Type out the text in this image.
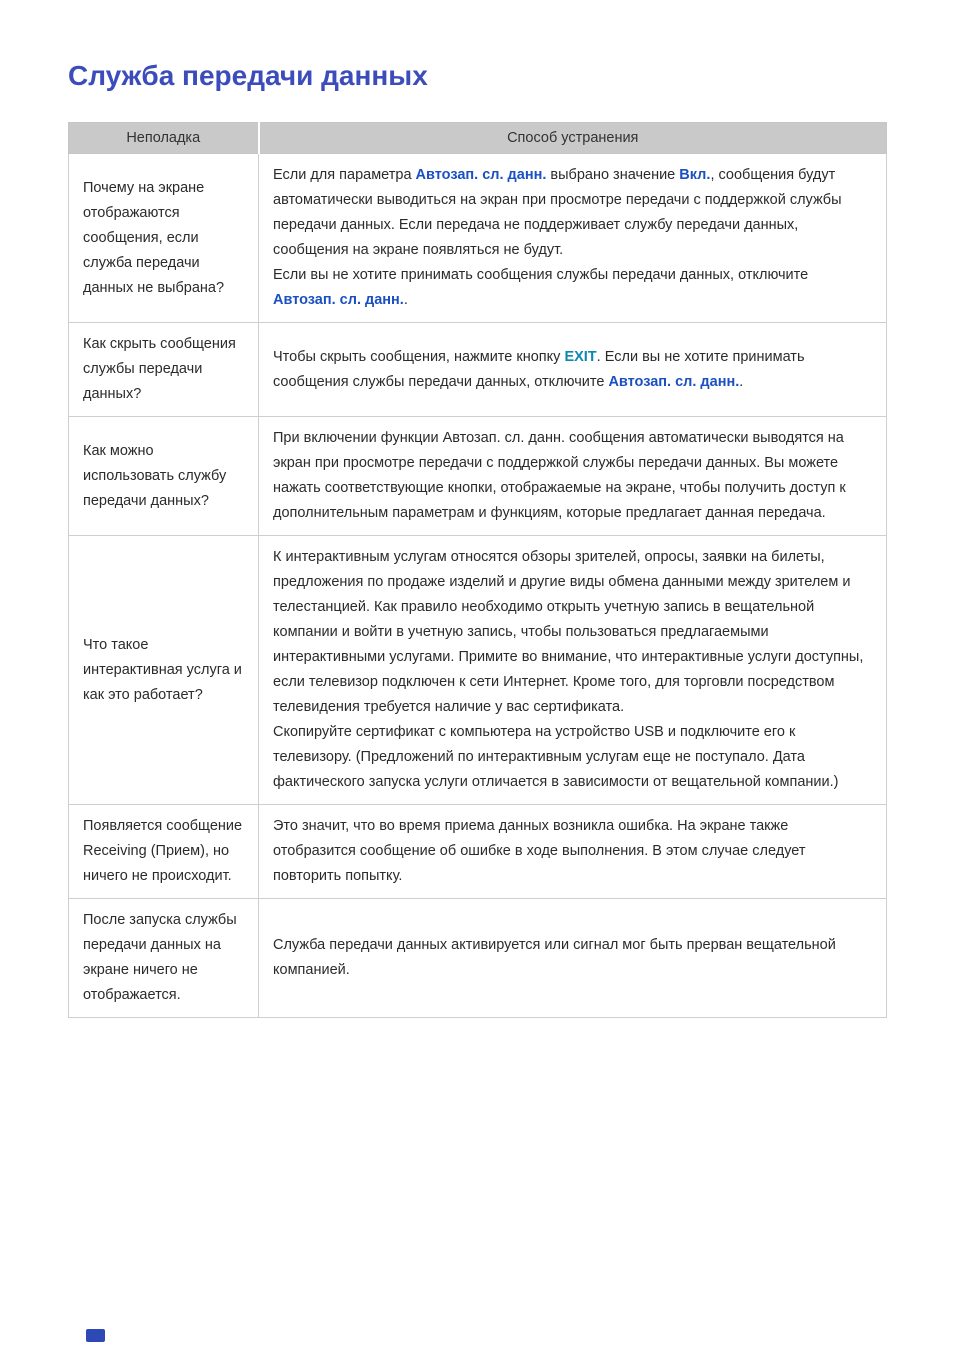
Служба передачи данных
Неполадка	Способ устранения
Почему на экране отображаются сообщения, если служба передачи данных не выбрана?	Если для параметра Автозап. сл. данн. выбрано значение Вкл., сообщения будут автоматически выводиться на экран при просмотре передачи с поддержкой службы передачи данных. Если передача не поддерживает службу передачи данных, сообщения на экране появляться не будут.

Если вы не хотите принимать сообщения службы передачи данных, отключите Автозап. сл. данн..

Как скрыть сообщения службы передачи данных?	Чтобы скрыть сообщения, нажмите кнопку EXIT. Если вы не хотите принимать сообщения службы передачи данных, отключите Автозап. сл. данн..

Как можно использовать службу передачи данных?	При включении функции Автозап. сл. данн. сообщения автоматически выводятся на экран при просмотре передачи с поддержкой службы передачи данных. Вы можете нажать соответствующие кнопки, отображаемые на экране, чтобы получить доступ к дополнительным параметрам и функциям, которые предлагает данная передача.

Что такое интерактивная услуга и как это работает?	К интерактивным услугам относятся обзоры зрителей, опросы, заявки на билеты, предложения по продаже изделий и другие виды обмена данными между зрителем и телестанцией. Как правило необходимо открыть учетную запись в вещательной компании и войти в учетную запись, чтобы пользоваться предлагаемыми интерактивными услугами. Примите во внимание, что интерактивные услуги доступны, если телевизор подключен к сети Интернет. Кроме того, для торговли посредством телевидения требуется наличие у вас сертификата.

Скопируйте сертификат с компьютера на устройство USB и подключите его к телевизору. (Предложений по интерактивным услугам еще не поступало. Дата фактического запуска услуги отличается в зависимости от вещательной компании.)

Появляется сообщение Receiving (Прием), но ничего не происходит.	Это значит, что во время приема данных возникла ошибка. На экране также отобразится сообщение об ошибке в ходе выполнения. В этом случае следует повторить попытку.

После запуска службы передачи данных на экране ничего не отображается.	Служба передачи данных активируется или сигнал мог быть прерван вещательной компанией.
